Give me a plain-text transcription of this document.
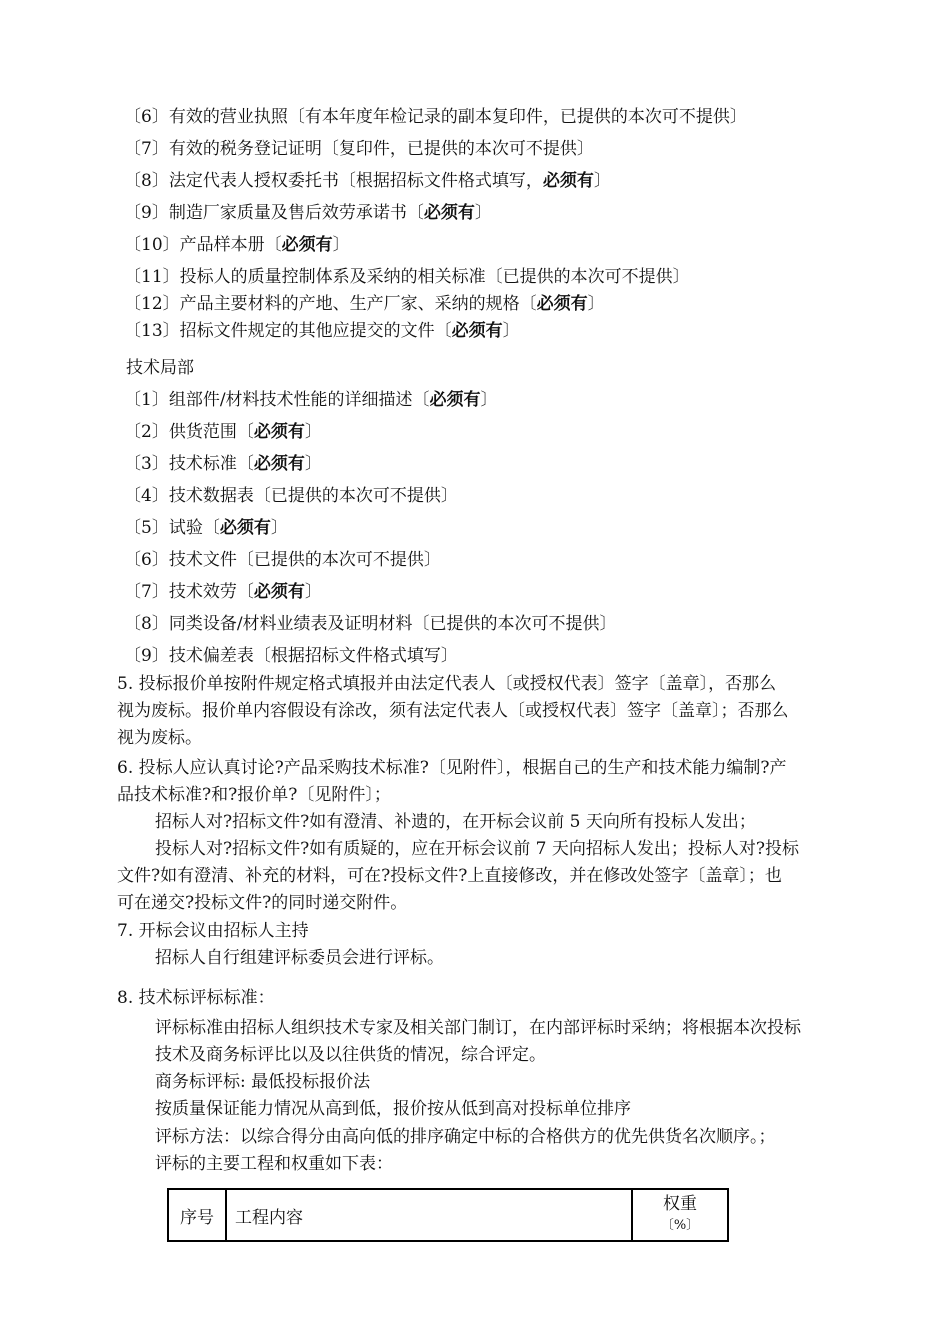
〔6〕有效的营业执照〔有本年度年检记录的副本复印件，已提供的本次可不提供〕
〔7〕有效的税务登记证明〔复印件，已提供的本次可不提供〕
〔8〕法定代表人授权委托书〔根据招标文件格式填写，必须有〕
〔9〕制造厂家质量及售后效劳承诺书〔必须有〕
〔10〕产品样本册〔必须有〕
〔11〕投标人的质量控制体系及采纳的相关标准〔已提供的本次可不提供〕
〔12〕产品主要材料的产地、生产厂家、采纳的规格〔必须有〕
〔13〕招标文件规定的其他应提交的文件〔必须有〕
技术局部
〔1〕组部件/材料技术性能的详细描述〔必须有〕
〔2〕供货范围〔必须有〕
〔3〕技术标准〔必须有〕
〔4〕技术数据表〔已提供的本次可不提供〕
〔5〕试验〔必须有〕
〔6〕技术文件〔已提供的本次可不提供〕
〔7〕技术效劳〔必须有〕
〔8〕同类设备/材料业绩表及证明材料〔已提供的本次可不提供〕
〔9〕技术偏差表〔根据招标文件格式填写〕
5. 投标报价单按附件规定格式填报并由法定代表人〔或授权代表〕签字〔盖章〕，否那么
视为废标。报价单内容假设有涂改，须有法定代表人〔或授权代表〕签字〔盖章〕；否那么
视为废标。
6. 投标人应认真讨论?产品采购技术标准?〔见附件〕，根据自己的生产和技术能力编制?产
品技术标准?和?报价单?〔见附件〕；
招标人对?招标文件?如有澄清、补遗的，在开标会议前 5 天向所有投标人发出；
投标人对?招标文件?如有质疑的，应在开标会议前 7 天向招标人发出；投标人对?投标
文件?如有澄清、补充的材料，可在?投标文件?上直接修改，并在修改处签字〔盖章〕；也
可在递交?投标文件?的同时递交附件。
7. 开标会议由招标人主持
招标人自行组建评标委员会进行评标。
8. 技术标评标标准：
评标标准由招标人组织技术专家及相关部门制订，在内部评标时采纳；将根据本次投标
技术及商务标评比以及以往供货的情况，综合评定。
商务标评标: 最低投标报价法
按质量保证能力情况从高到低，报价按从低到高对投标单位排序
评标方法：以综合得分由高向低的排序确定中标的合格供方的优先供货名次顺序。；
评标的主要工程和权重如下表：
序号	工程内容	权重
〔%〕
